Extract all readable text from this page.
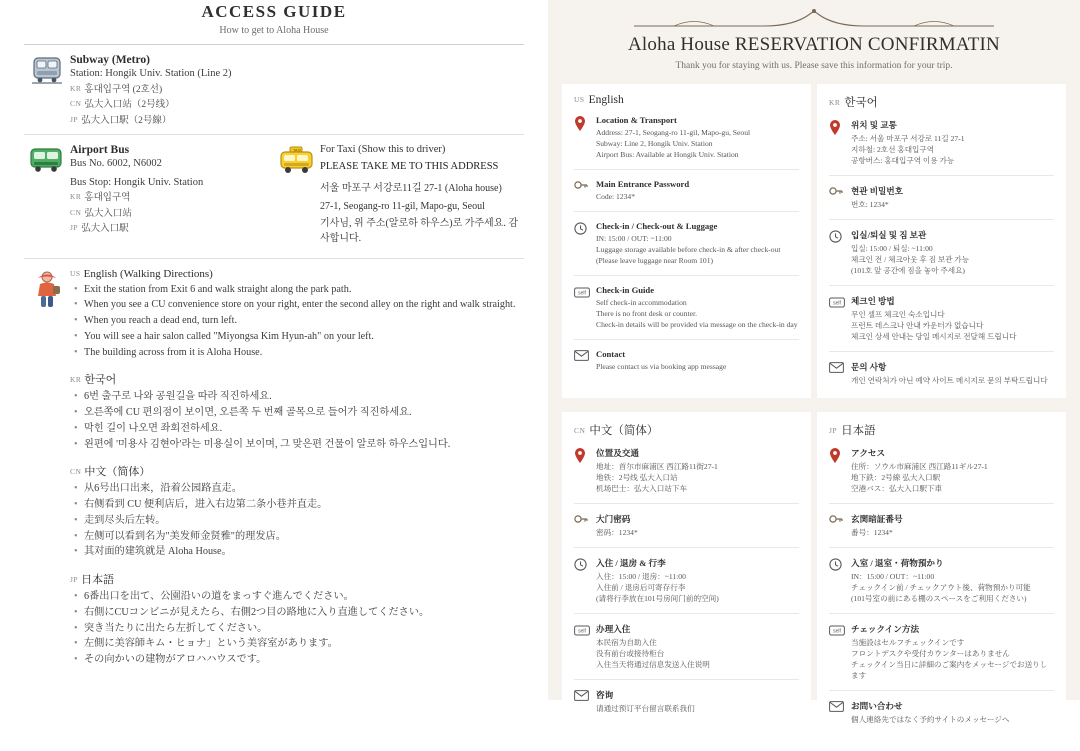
ACCESS GUIDE
How to get to Aloha House
Subway (Metro)
Station: Hongik Univ. Station (Line 2)
KR 홍대입구역 (2호선)
CN 弘大入口站（2号线）
JP 弘大入口駅（2号線）
Airport Bus
Bus No. 6002, N6002
Bus Stop: Hongik Univ. Station
KR 홍대입구역
CN 弘大入口站
JP 弘大入口駅
TAXI For Taxi (Show this to driver)
PLEASE TAKE ME TO THIS ADDRESS
서울 마포구 서강로11길 27-1 (Aloha house)
27-1, Seogang-ro 11-gil, Mapo-gu, Seoul
기사님, 위 주소(알로하 하우스)로 가주세요. 감사합니다.
US English (Walking Directions)
• Exit the station from Exit 6 and walk straight along the park path.
• When you see a CU convenience store on your right, enter the second alley on the right and walk straight.
• When you reach a dead end, turn left.
• You will see a hair salon called "Miyongsa Kim Hyun-ah" on your left.
• The building across from it is Aloha House.
KR 한국어
• 6번 출구로 나와 공원길을 따라 직진하세요.
• 오른쪽에 CU 편의점이 보이면, 오른쪽 두 번째 골목으로 들어가 직진하세요.
• 막힌 길이 나오면 좌회전하세요.
• 왼편에 '미용사 김현아'라는 미용실이 보이며, 그 맞은편 건물이 알로하 하우스입니다.
CN 中文（简体）
• 从6号出口出来，沿着公园路直走。
• 右侧看到 CU 便利店后，进入右边第二条小巷并直走。
• 走到尽头后左转。
• 左侧可以看到名为"美发师金贤雅"的理发店。
• 其对面的建筑就是 Aloha House。
JP 日本語
• 6番出口を出て、公園沿いの道をまっすぐ進んでください。
• 右側にCUコンビニが見えたら、右側2つ目の路地に入り直進してください。
• 突き当たりに出たら左折してください。
• 左側に美容師キム・ヒョナ」という美容室があります。
• その向かいの建物がアロハハウスです。
Aloha House RESERVATION CONFIRMATIN
Thank you for staying with us. Please save this information for your trip.
US English
Location & Transport
Address: 27-1, Seogang-ro 11-gil, Mapo-gu, Seoul
Subway: Line 2, Hongik Univ. Station
Airport Bus: Available at Hongik Univ. Station
Main Entrance Password
Code: 1234*
Check-in / Check-out & Luggage
IN: 15:00 / OUT: ~11:00
Luggage storage available before check-in & after check-out
(Please leave luggage near Room 101)
self Check-in Guide
Self check-in accommodation
There is no front desk or counter.
Check-in details will be provided via message on the check-in day
Contact
Please contact us via booking app message
KR 한국어
위치 및 교통
주소: 서울 마포구 서강로 11길 27-1
지하철: 2호선 홍대입구역
공항버스: 홍대입구역 이용 가능
현관 비밀번호
번호: 1234*
입실/퇴실 및 짐 보관
입실: 15:00 / 퇴실: ~11:00
체크인 전 / 체크아웃 후 짐 보관 가능
(101호 앞 공간에 짐을 놓아 주세요)
self 체크인 방법
무인 셀프 체크인 숙소입니다
프런트 데스크나 안내 카운터가 없습니다
체크인 상세 안내는 당일 메시지로 전달해 드립니다
문의 사항
개인 연락처가 아닌 예약 사이트 메시지로 문의 부탁드립니다
CN 中文（简体）
位置及交通
地址：首尔市麻浦区 西江路11街27-1
地铁：2号线 弘大入口站
机场巴士：弘大入口站下车
大门密码
密码：1234*
入住 / 退房 & 行李
入住：15:00 / 退房：~11:00
入住前 / 退房后可寄存行李
(请将行李放在101号房间门前的空间)
self 办理入住
本民宿为自助入住
没有前台或接待柜台
入住当天将通过信息发送入住说明
咨询
请通过预订平台留言联系我们
JP 日本語
アクセス
住所：ソウル市麻浦区 西江路11ギル27-1
地下鉄：2号線 弘大入口駅
空港バス：弘大入口駅下車
玄関暗証番号
番号：1234*
入室 / 退室・荷物預かり
IN：15:00 / OUT：~11:00
チェックイン前 / チェックアウト後、荷物預かり可能
(101号室の前にある棚のスペースをご利用ください)
self チェックイン方法
当施設はセルフチェックインです
フロントデスクや受付カウンターはありません
チェックイン当日に詳細のご案内をメッセージでお送りします
お問い合わせ
個人連絡先ではなく予約サイトのメッセージへ
